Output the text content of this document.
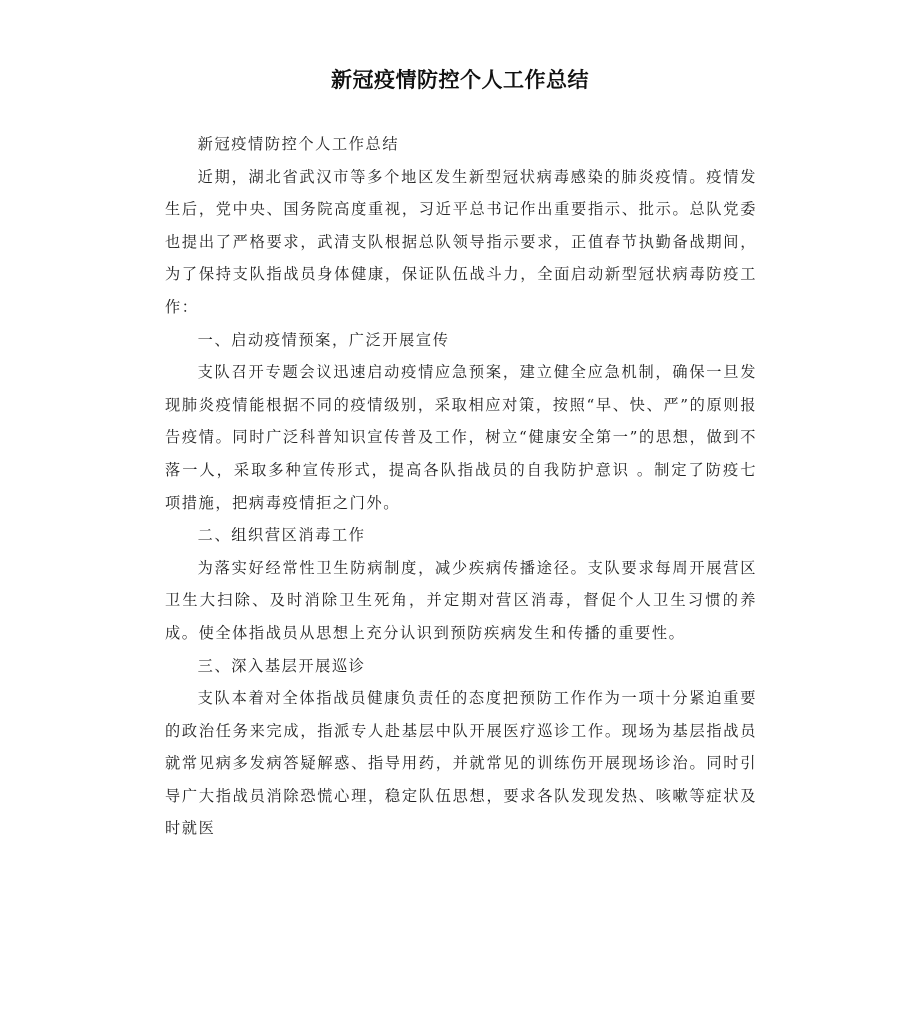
新冠疫情防控个人工作总结

新冠疫情防控个人工作总结

近期，湖北省武汉市等多个地区发生新型冠状病毒感染的肺炎疫情。疫情发生后，党中央、国务院高度重视，习近平总书记作出重要指示、批示。总队党委也提出了严格要求，武清支队根据总队领导指示要求，正值春节执勤备战期间，为了保持支队指战员身体健康，保证队伍战斗力，全面启动新型冠状病毒防疫工作：

一、启动疫情预案，广泛开展宣传

支队召开专题会议迅速启动疫情应急预案，建立健全应急机制，确保一旦发现肺炎疫情能根据不同的疫情级别，采取相应对策，按照“早、快、严”的原则报告疫情。同时广泛科普知识宣传普及工作，树立“健康安全第一”的思想，做到不落一人，采取多种宣传形式，提高各队指战员的自我防护意识 。制定了防疫七项措施，把病毒疫情拒之门外。

二、组织营区消毒工作

为落实好经常性卫生防病制度，减少疾病传播途径。支队要求每周开展营区卫生大扫除、及时消除卫生死角，并定期对营区消毒，督促个人卫生习惯的养成。使全体指战员从思想上充分认识到预防疾病发生和传播的重要性。

三、深入基层开展巡诊

支队本着对全体指战员健康负责任的态度把预防工作作为一项十分紧迫重要的政治任务来完成，指派专人赴基层中队开展医疗巡诊工作。现场为基层指战员就常见病多发病答疑解惑、指导用药，并就常见的训练伤开展现场诊治。同时引导广大指战员消除恐慌心理，稳定队伍思想，要求各队发现发热、咳嗽等症状及时就医
